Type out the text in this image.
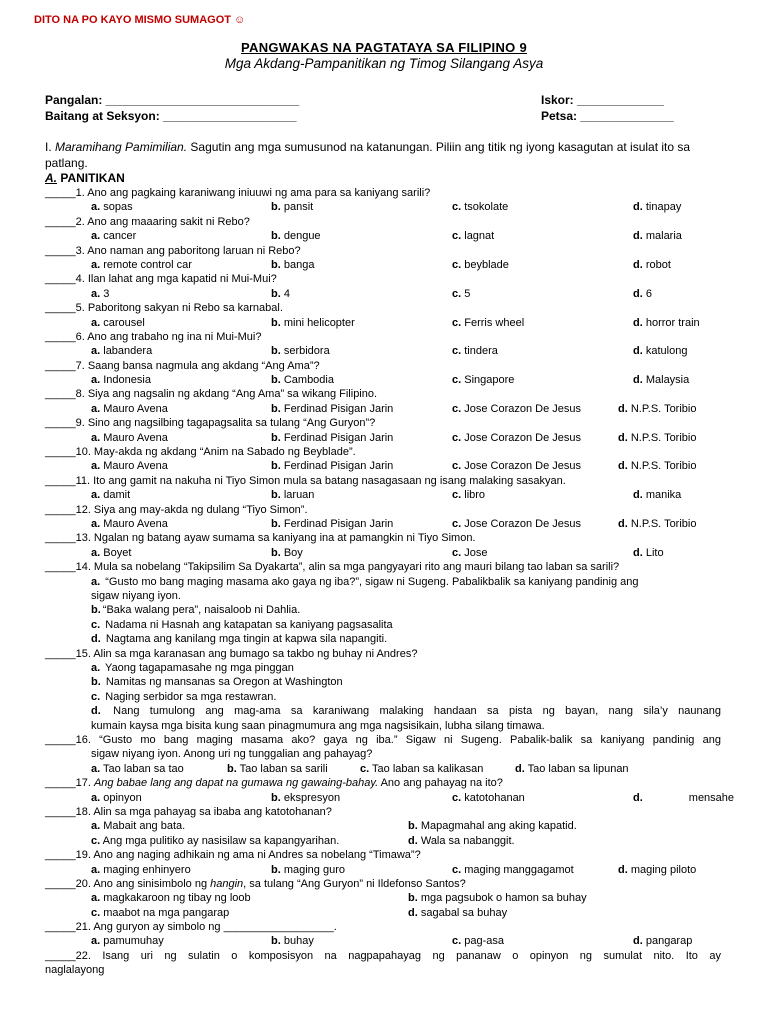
DITO NA PO KAYO MISMO SUMAGOT ☺
PANGWAKAS NA PAGTATAYA SA FILIPINO 9
Mga Akdang-Pampanitikan ng Timog Silangang Asya
Pangalan: _____________________________	Iskor: _____________
Baitang at Seksyon: ____________________	Petsa: ______________
I. Maramihang Pamimilian. Sagutin ang mga sumusunod na katanungan. Piliin ang titik ng iyong kasagutan at isulat ito sa patlang.
A. PANITIKAN
_____1. Ano ang pagkaing karaniwang iniuuwi ng ama para sa kaniyang sarili?
a. sopas	b. pansit	c. tsokolate	d. tinapay
_____2. Ano ang maaaring sakit ni Rebo?
a. cancer	b. dengue	c. lagnat	d. malaria
_____3. Ano naman ang paboritong laruan ni Rebo?
a. remote control car	b. banga	c. beyblade	d. robot
_____4. Ilan lahat ang mga kapatid ni Mui-Mui?
a. 3	b. 4	c. 5	d. 6
_____5. Paboritong sakyan ni Rebo sa karnabal.
a. carousel	b. mini helicopter	c. Ferris wheel	d. horror train
_____6. Ano ang trabaho ng ina ni Mui-Mui?
a. labandera	b. serbidora	c. tindera	d. katulong
_____7. Saang bansa nagmula ang akdang “Ang Ama”?
a. Indonesia	b. Cambodia	c. Singapore	d. Malaysia
_____8. Siya ang nagsalin ng akdang “Ang Ama” sa wikang Filipino.
a. Mauro Avena	b. Ferdinad Pisigan Jarin	c. Jose Corazon De Jesus	d. N.P.S. Toribio
_____9. Sino ang nagsilbing tagapagsalita sa tulang “Ang Guryon”?
a. Mauro Avena	b. Ferdinad Pisigan Jarin	c. Jose Corazon De Jesus	d. N.P.S. Toribio
_____10. May-akda ng akdang “Anim na Sabado ng Beyblade”.
a. Mauro Avena	b. Ferdinad Pisigan Jarin	c. Jose Corazon De Jesus	d. N.P.S. Toribio
_____11. Ito ang gamit na nakuha ni Tiyo Simon mula sa batang nasagasaan ng isang malaking sasakyan.
a. damit	b. laruan	c. libro	d. manika
_____12. Siya ang may-akda ng dulang “Tiyo Simon”.
a. Mauro Avena	b. Ferdinad Pisigan Jarin	c. Jose Corazon De Jesus	d. N.P.S. Toribio
_____13. Ngalan ng batang ayaw sumama sa kaniyang ina at pamangkin ni Tiyo Simon.
a. Boyet	b. Boy	c. Jose	d. Lito
_____14. Mula sa nobelang “Takipsilim Sa Dyakarta”, alin sa mga pangyayari rito ang mauri bilang tao laban sa sarili?
a. “Gusto mo bang maging masama ako gaya ng iba?”, sigaw ni Sugeng. Pabalikbalik sa kaniyang pandinig ang
sigaw niyang iyon.
b. “Baka walang pera”, naisaloob ni Dahlia.
c. Nadama ni Hasnah ang katapatan sa kaniyang pagsasalita
d. Nagtama ang kanilang mga tingin at kapwa sila napangiti.
_____15. Alin sa mga karanasan ang bumago sa takbo ng buhay ni Andres?
a. Yaong tagapamasahe ng mga pinggan
b. Namitas ng mansanas sa Oregon at Washington
c. Naging serbidor sa mga restawran.
d. Nang tumulong ang mag-ama sa karaniwang malaking handaan sa pista ng bayan, nang sila’y naunang
kumain kaysa mga bisita kung saan pinagmumura ang mga nagsisikain, lubha silang timawa.
_____16. “Gusto mo bang maging masama ako? gaya ng iba.” Sigaw ni Sugeng. Pabalik-balik sa kaniyang pandinig ang
sigaw niyang iyon. Anong uri ng tunggalian ang pahayag?
a. Tao laban sa tao	b. Tao laban sa sarili	c. Tao laban sa kalikasan	d. Tao laban sa lipunan
_____17. Ang babae lang ang dapat na gumawa ng gawaing-bahay. Ano ang pahayag na ito?
a. opinyon	b. ekspresyon	c. katotohanan	d.	mensahe
_____18. Alin sa mga pahayag sa ibaba ang katotohanan?
a. Mabait ang bata.	b. Mapagmahal ang aking kapatid.
c. Ang mga pulitiko ay nasisilaw sa kapangyarihan.	d. Wala sa nabanggit.
_____19. Ano ang naging adhikain ng ama ni Andres sa nobelang “Timawa”?
a. maging enhinyero	b. maging guro	c. maging manggagamot	d. maging piloto
_____20. Ano ang sinisimbolo ng hangin, sa tulang “Ang Guryon” ni Ildefonso Santos?
a. magkakaroon ng tibay ng loob	b. mga pagsubok o hamon sa buhay
c. maabot na mga pangarap	d. sagabal sa buhay
_____21. Ang guryon ay simbolo ng __________________.
a. pamumuhay	b. buhay	c. pag-asa	d. pangarap
_____22. Isang uri ng sulatin o komposisyon na nagpapahayag ng pananaw o opinyon ng sumulat nito. Ito ay
naglalayong
